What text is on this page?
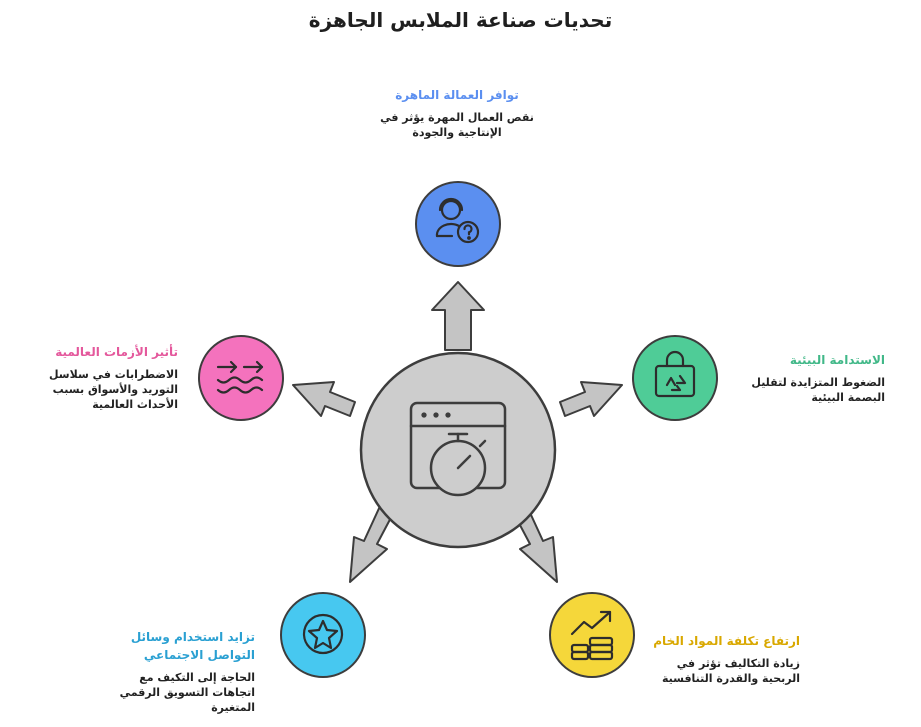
تحديات صناعة الملابس الجاهزة
توافر العمالة الماهرة
نقص العمال المهرة يؤثر في الإنتاجية والجودة
الاستدامة البيئية
الضغوط المتزايدة لتقليل البصمة البيئية
ارتفاع تكلفة المواد الخام
زيادة التكاليف تؤثر في الربحية والقدرة التنافسية
تزايد استخدام وسائل التواصل الاجتماعي
الحاجة إلى التكيف مع اتجاهات التسويق الرقمي المتغيرة
تأثير الأزمات العالمية
الاضطرابات في سلاسل التوريد والأسواق بسبب الأحداث العالمية
